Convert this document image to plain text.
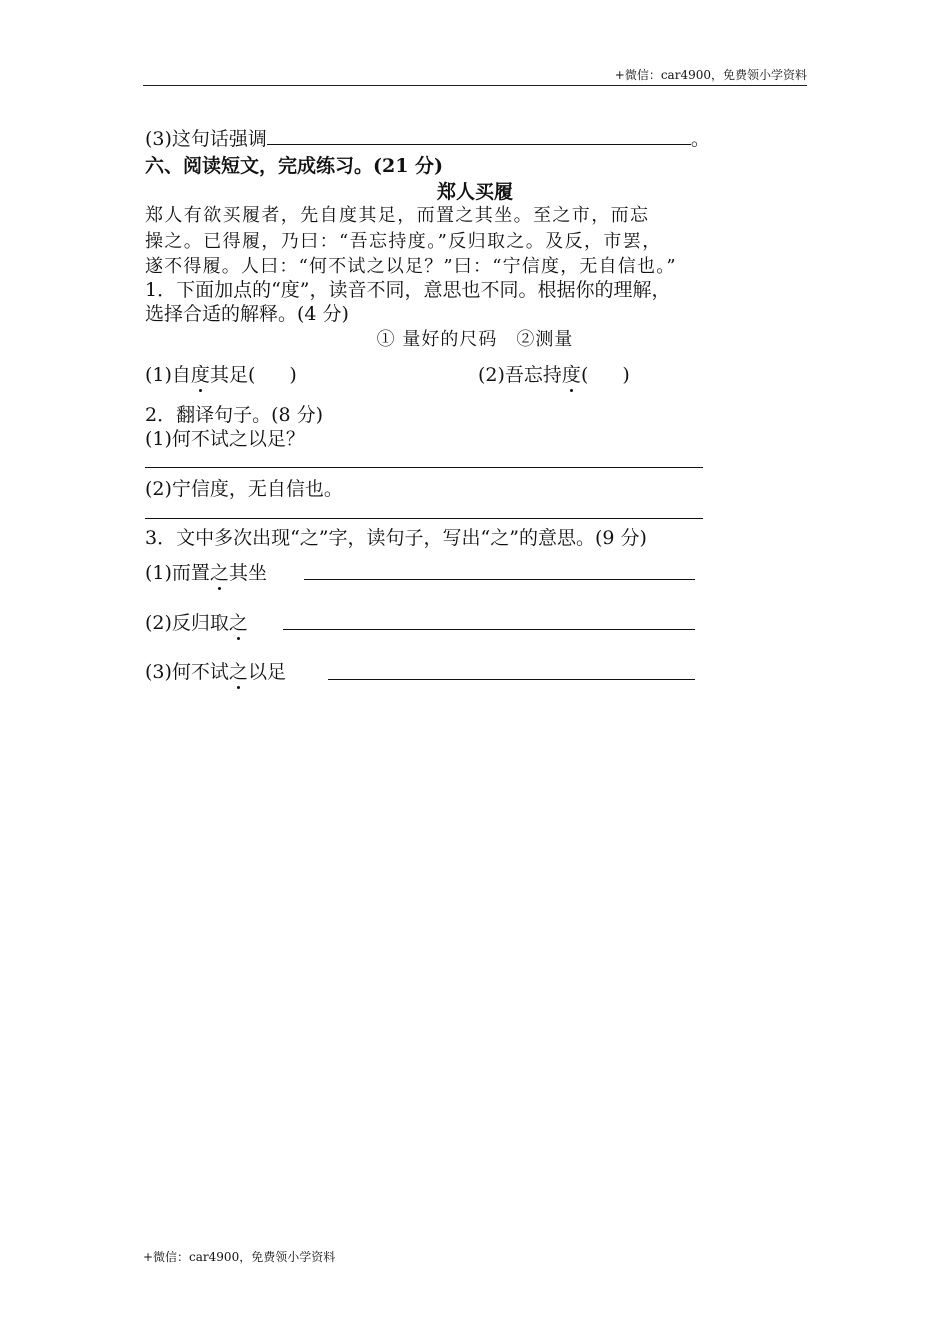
+微信：car4900，免费领小学资料
(3)这句话强调	。
六、阅读短文，完成练习。(21 分)
郑人买履
郑人有欲买履者，先自度其足，而置之其坐。至之市，而忘
操之。已得履，乃曰：“吾忘持度。”反归取之。及反，市罢，
遂不得履。人曰：“何不试之以足？”曰：“宁信度，无自信也。”
1．下面加点的“度”，读音不同，意思也不同。根据你的理解，
选择合适的解释。(4 分)
① 量好的尺码　②测量
(1)自度其足( )	(2)吾忘持度( )
2．翻译句子。(8 分)
(1)何不试之以足？
(2)宁信度，无自信也。
3．文中多次出现“之”字，读句子，写出“之”的意思。(9 分)
(1)而置之其坐
(2)反归取之
(3)何不试之以足
+微信：car4900，免费领小学资料
